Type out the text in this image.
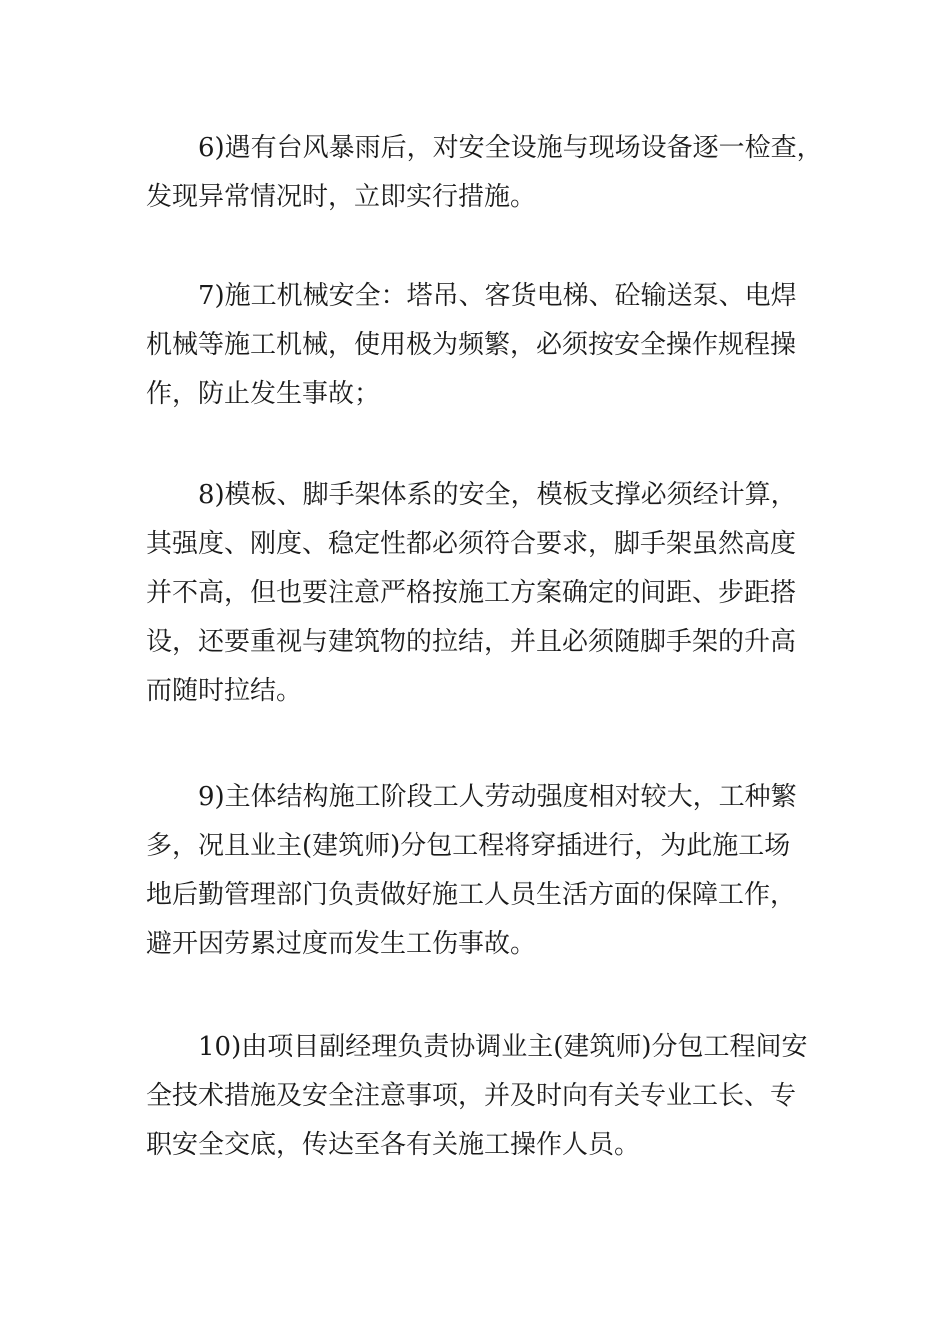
6)遇有台风暴雨后，对安全设施与现场设备逐一检查，
发现异常情况时，立即实行措施。
7)施工机械安全：塔吊、客货电梯、砼输送泵、电焊
机械等施工机械，使用极为频繁，必须按安全操作规程操
作，防止发生事故；
8)模板、脚手架体系的安全，模板支撑必须经计算，
其强度、刚度、稳定性都必须符合要求，脚手架虽然高度
并不高，但也要注意严格按施工方案确定的间距、步距搭
设，还要重视与建筑物的拉结，并且必须随脚手架的升高
而随时拉结。
9)主体结构施工阶段工人劳动强度相对较大，工种繁
多，况且业主(建筑师)分包工程将穿插进行，为此施工场
地后勤管理部门负责做好施工人员生活方面的保障工作，
避开因劳累过度而发生工伤事故。
10)由项目副经理负责协调业主(建筑师)分包工程间安
全技术措施及安全注意事项，并及时向有关专业工长、专
职安全交底，传达至各有关施工操作人员。
